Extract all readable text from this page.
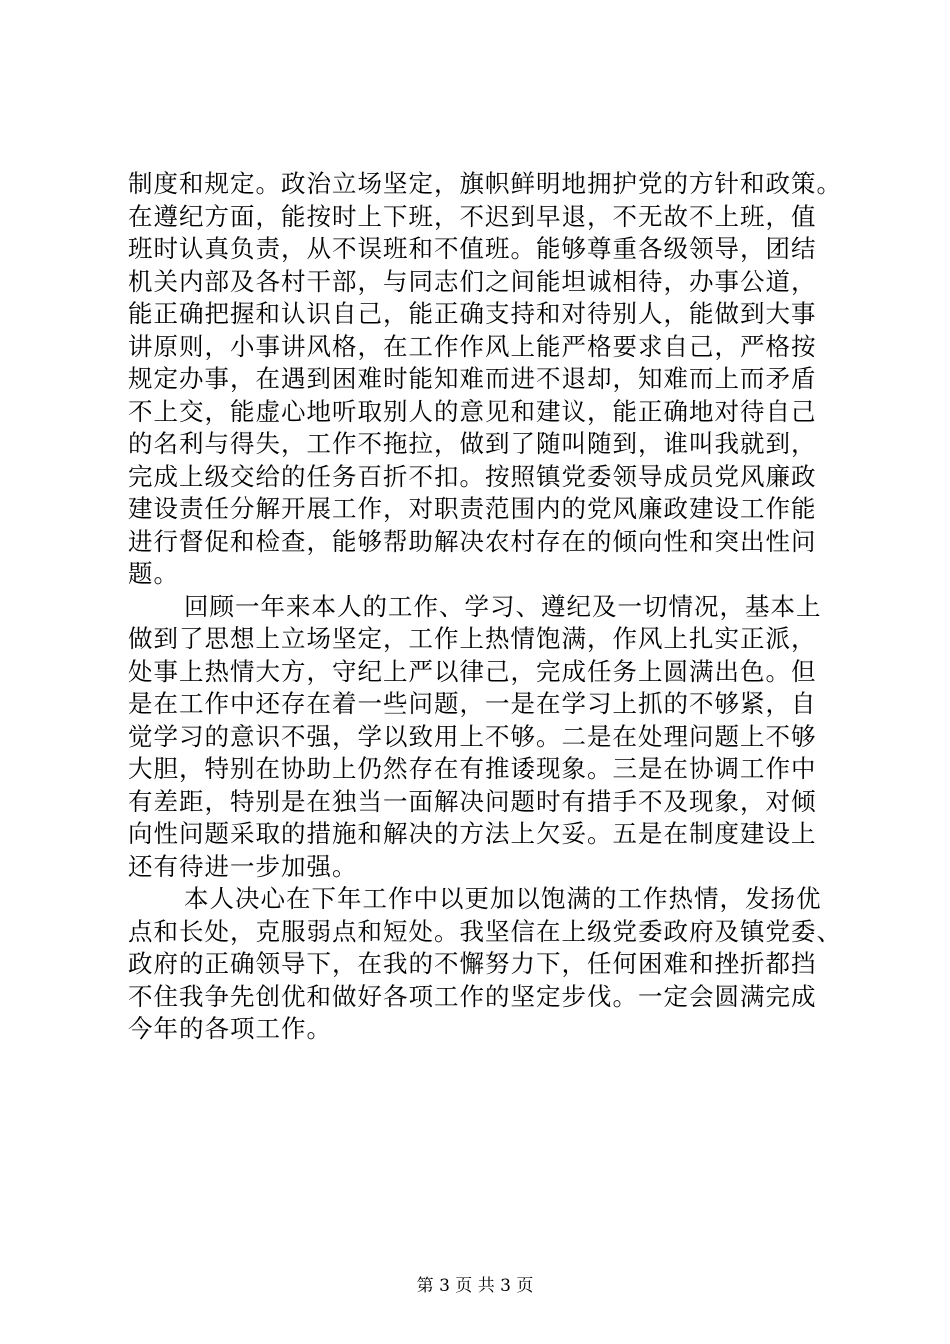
制度和规定。政治立场坚定，旗帜鲜明地拥护党的方针和政策。
在遵纪方面，能按时上下班，不迟到早退，不无故不上班，值
班时认真负责，从不误班和不值班。能够尊重各级领导，团结
机关内部及各村干部，与同志们之间能坦诚相待，办事公道，
能正确把握和认识自己，能正确支持和对待别人，能做到大事
讲原则，小事讲风格，在工作作风上能严格要求自己，严格按
规定办事，在遇到困难时能知难而进不退却，知难而上而矛盾
不上交，能虚心地听取别人的意见和建议，能正确地对待自己
的名利与得失，工作不拖拉，做到了随叫随到，谁叫我就到，
完成上级交给的任务百折不扣。按照镇党委领导成员党风廉政
建设责任分解开展工作，对职责范围内的党风廉政建设工作能
进行督促和检查，能够帮助解决农村存在的倾向性和突出性问
题。
回顾一年来本人的工作、学习、遵纪及一切情况，基本上
做到了思想上立场坚定，工作上热情饱满，作风上扎实正派，
处事上热情大方，守纪上严以律己，完成任务上圆满出色。但
是在工作中还存在着一些问题，一是在学习上抓的不够紧，自
觉学习的意识不强，学以致用上不够。二是在处理问题上不够
大胆，特别在协助上仍然存在有推诿现象。三是在协调工作中
有差距，特别是在独当一面解决问题时有措手不及现象，对倾
向性问题采取的措施和解决的方法上欠妥。五是在制度建设上
还有待进一步加强。
本人决心在下年工作中以更加以饱满的工作热情，发扬优
点和长处，克服弱点和短处。我坚信在上级党委政府及镇党委、
政府的正确领导下，在我的不懈努力下，任何困难和挫折都挡
不住我争先创优和做好各项工作的坚定步伐。一定会圆满完成
今年的各项工作。
第 3 页 共 3 页
